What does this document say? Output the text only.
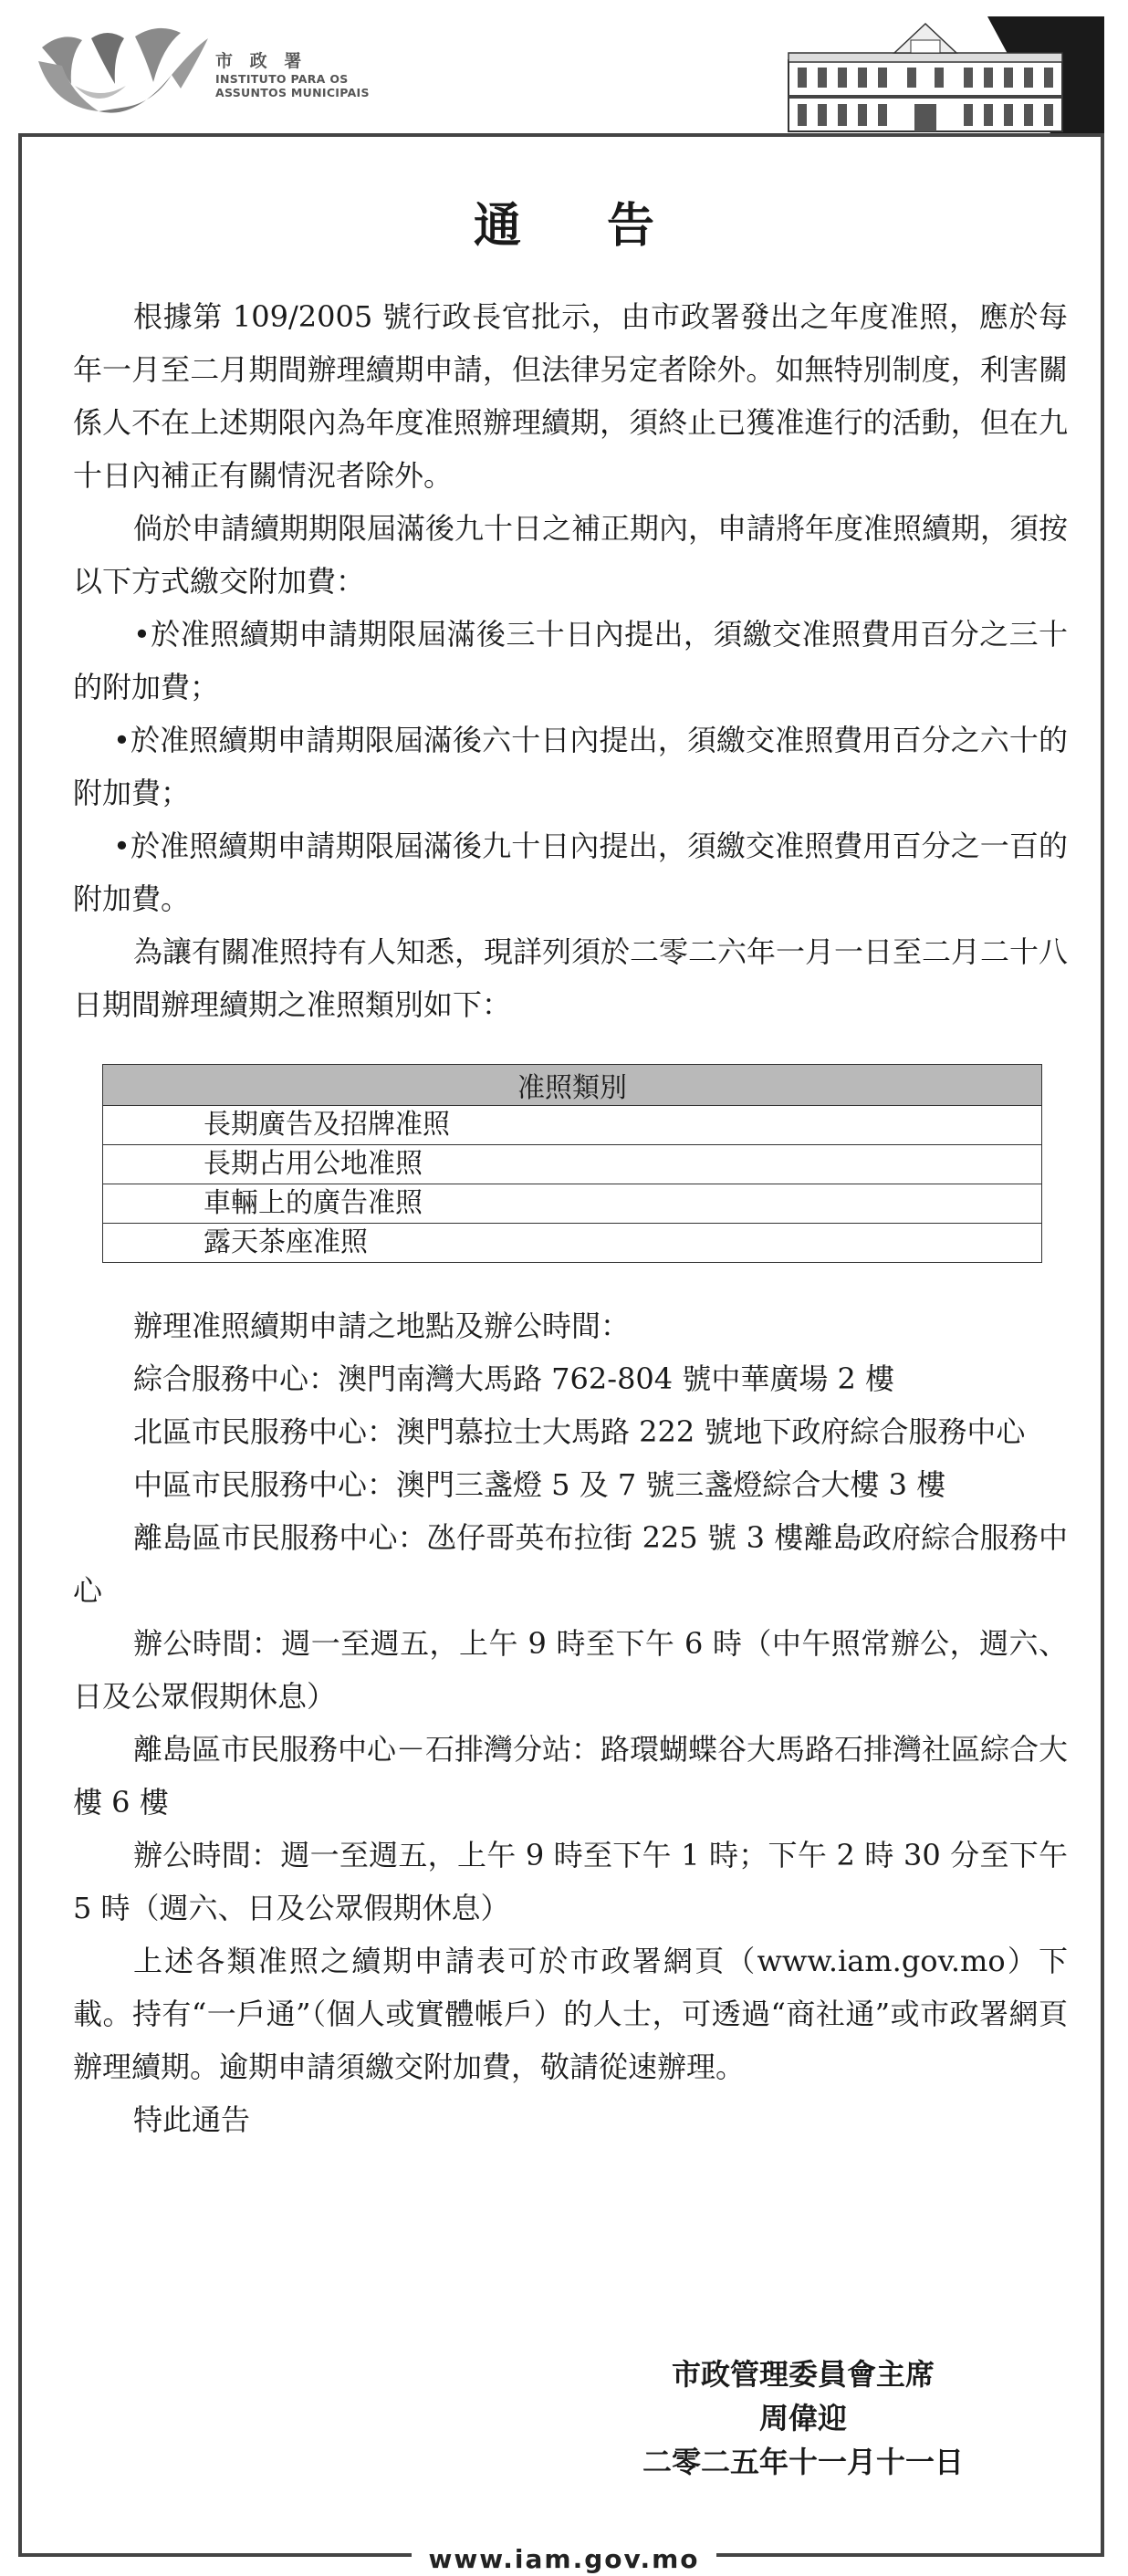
市 政 署
INSTITUTO PARA OS
ASSUNTOS MUNICIPAIS
通 告

根據第 109/2005 號行政長官批示，由市政署發出之年度准照，應於每年一月至二月期間辦理續期申請，但法律另定者除外。如無特別制度，利害關係人不在上述期限內為年度准照辦理續期，須終止已獲准進行的活動，但在九十日內補正有關情況者除外。

倘於申請續期期限屆滿後九十日之補正期內，申請將年度准照續期，須按以下方式繳交附加費：

•於准照續期申請期限屆滿後三十日內提出，須繳交准照費用百分之三十的附加費；

•於准照續期申請期限屆滿後六十日內提出，須繳交准照費用百分之六十的附加費；

•於准照續期申請期限屆滿後九十日內提出，須繳交准照費用百分之一百的附加費。

為讓有關准照持有人知悉，現詳列須於二零二六年一月一日至二月二十八日期間辦理續期之准照類別如下：

准照類別
長期廣告及招牌准照
長期占用公地准照
車輛上的廣告准照
露天茶座准照

辦理准照續期申請之地點及辦公時間：

綜合服務中心：澳門南灣大馬路 762-804 號中華廣場 2 樓

北區市民服務中心：澳門慕拉士大馬路 222 號地下政府綜合服務中心

中區市民服務中心：澳門三盞燈 5 及 7 號三盞燈綜合大樓 3 樓

離島區市民服務中心：氹仔哥英布拉街 225 號 3 樓離島政府綜合服務中心

辦公時間：週一至週五，上午 9 時至下午 6 時（中午照常辦公，週六、日及公眾假期休息）

離島區市民服務中心－石排灣分站：路環蝴蝶谷大馬路石排灣社區綜合大樓 6 樓

辦公時間：週一至週五，上午 9 時至下午 1 時；下午 2 時 30 分至下午 5 時（週六、日及公眾假期休息）

上述各類准照之續期申請表可於市政署網頁（www.iam.gov.mo）下載。持有“一戶通”（個人或實體帳戶）的人士，可透過“商社通”或市政署網頁辦理續期。逾期申請須繳交附加費，敬請從速辦理。

特此通告

市政管理委員會主席
周偉迎
二零二五年十一月十一日
www.iam.gov.mo
